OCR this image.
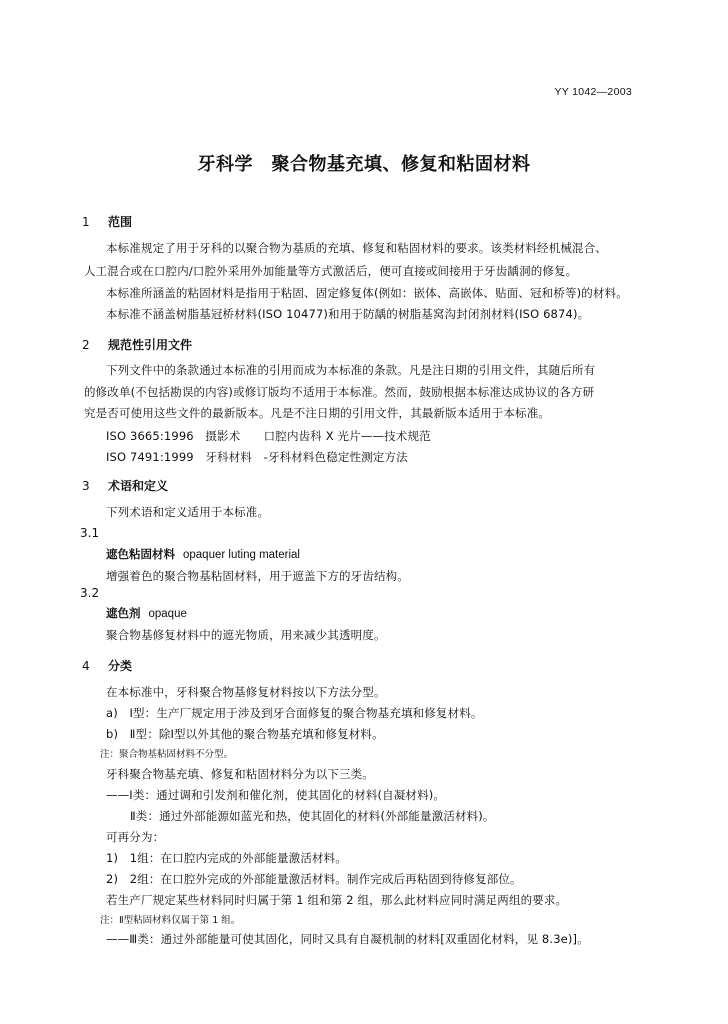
YY 1042—2003
牙科学　聚合物基充填、修复和粘固材料
1 范围
本标准规定了用于牙科的以聚合物为基质的充填、修复和粘固材料的要求。该类材料经机械混合、
人工混合或在口腔内/口腔外采用外加能量等方式激活后，便可直接或间接用于牙齿龋洞的修复。
本标准所涵盖的粘固材料是指用于粘固、固定修复体(例如：嵌体、高嵌体、贴面、冠和桥等)的材料。
本标准不涵盖树脂基冠桥材料(ISO 10477)和用于防龋的树脂基窝沟封闭剂材料(ISO 6874)。
2 规范性引用文件
下列文件中的条款通过本标准的引用而成为本标准的条款。凡是注日期的引用文件，其随后所有
的修改单(不包括勘误的内容)或修订版均不适用于本标准。然而，鼓励根据本标准达成协议的各方研
究是否可使用这些文件的最新版本。凡是不注日期的引用文件，其最新版本适用于本标准。
ISO 3665:1996　摄影术　　口腔内齿科 X 光片——技术规范
ISO 7491:1999　牙科材料　-牙科材料色稳定性测定方法
3 术语和定义
下列术语和定义适用于本标准。
3.1
遮色粘固材料 opaquer luting material
增强着色的聚合物基粘固材料，用于遮盖下方的牙齿结构。
3.2
遮色剂 opaque
聚合物基修复材料中的遮光物质，用来减少其透明度。
4 分类
在本标准中，牙科聚合物基修复材料按以下方法分型。
a)　Ⅰ型：生产厂规定用于涉及到牙合面修复的聚合物基充填和修复材料。
b)　Ⅱ型：除Ⅰ型以外其他的聚合物基充填和修复材料。
注：聚合物基粘固材料不分型。
牙科聚合物基充填、修复和粘固材料分为以下三类。
——Ⅰ类：通过调和引发剂和催化剂，使其固化的材料(自凝材料)。
Ⅱ类：通过外部能源如蓝光和热，使其固化的材料(外部能量激活材料)。
可再分为：
1)　1组：在口腔内完成的外部能量激活材料。
2)　2组：在口腔外完成的外部能量激活材料。制作完成后再粘固到待修复部位。
若生产厂规定某些材料同时归属于第 1 组和第 2 组，那么此材料应同时满足两组的要求。
注：Ⅱ型粘固材料仅属于第 1 组。
——Ⅲ类：通过外部能量可使其固化，同时又具有自凝机制的材料[双重固化材料，见 8.3e)]。
